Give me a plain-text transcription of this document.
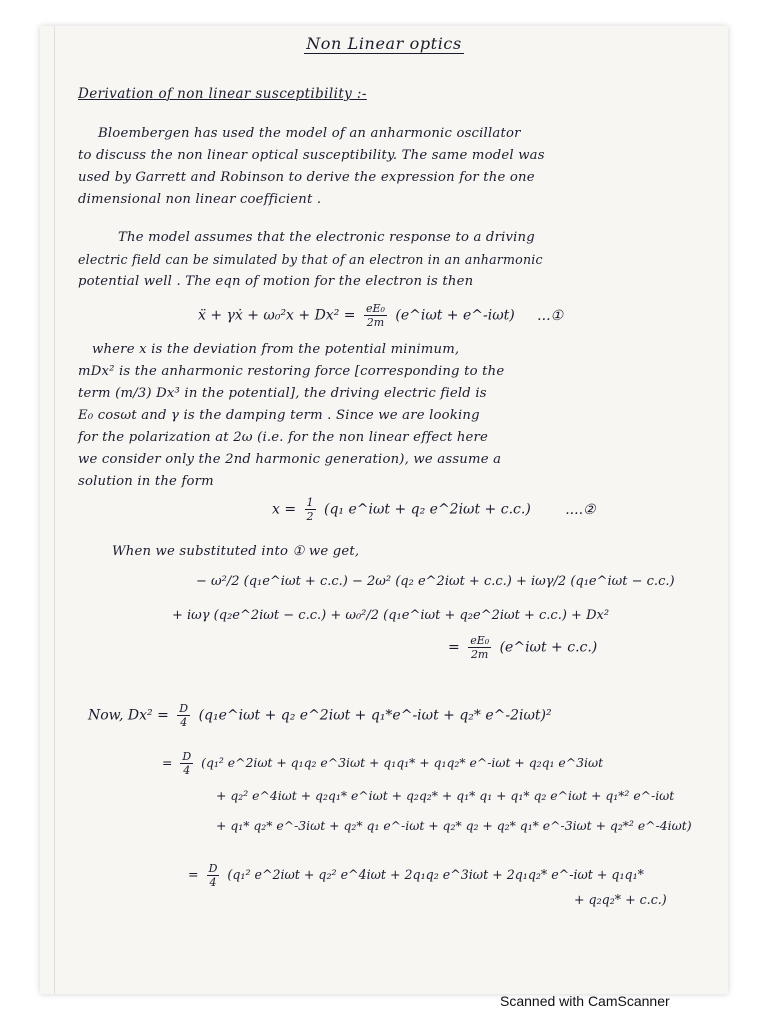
Non Linear optics
Derivation of non linear susceptibility :-
Bloembergen has used the model of an anharmonic oscillator
to discuss the non linear optical susceptibility. The same model was
used by Garrett and Robinson to derive the expression for the one
dimensional non linear coefficient .
The model assumes that the electronic response to a driving
electric field can be simulated by that of an electron in an anharmonic
potential well . The eqn of motion for the electron is then
ẍ + γẋ + $\omega_0^2x + Dx^2 = \frac{\text{eE₀}}{2m}$ (e^iωt + e^-iωt) ...①
where x is the deviation from the potential minimum,
mDx² is the anharmonic restoring force [corresponding to the
term (m/3) Dx³ in the potential], the driving electric field is
E₀ cosωt and γ is the damping term . Since we are looking
for the polarization at 2ω (i.e. for the non linear effect here
we consider only the 2nd harmonic generation), we assume a
solution in the form
$x = \frac{1}{2} (q_1$ e^iωt + q₂ e^2iωt + c.c.) ....②
When we substituted into ① we get,
− ω²/2 (q₁e^iωt + c.c.) − 2ω² (q₂ e^2iωt + c.c.) + iωγ/2 (q₁e^iωt − c.c.)
+ iωγ (q₂e^2iωt − c.c.) + ω₀²/2 (q₁e^iωt + q₂e^2iωt + c.c.) + Dx²
= $\frac{\text{eE₀}}{2m}$ (e^iωt + c.c.)
Now, $Dx^2 = \frac{D}{4}$ (q₁e^iωt + q₂ e^2iωt + q₁*e^-iωt + q₂* e^-2iωt)²
= $\frac{D}{4} (q_1^2$ e^2iωt + q₁q₂ e^3iωt + q₁q₁* + q₁q₂* e^-iωt + q₂q₁ e^3iωt
+ q₂² e^4iωt + q₂q₁* e^iωt + q₂q₂* + q₁* q₁ + q₁* q₂ e^iωt + q₁*² e^-iωt
+ q₁* q₂* e^-3iωt + q₂* q₁ e^-iωt + q₂* q₂ + q₂* q₁* e^-3iωt + q₂*² e^-4iωt)
= $\frac{D}{4} (q_1^2$ e^2iωt + q₂² e^4iωt + 2q₁q₂ e^3iωt + 2q₁q₂* e^-iωt + q₁q₁*
+ q₂q₂* + c.c.)
Scanned with CamScanner
